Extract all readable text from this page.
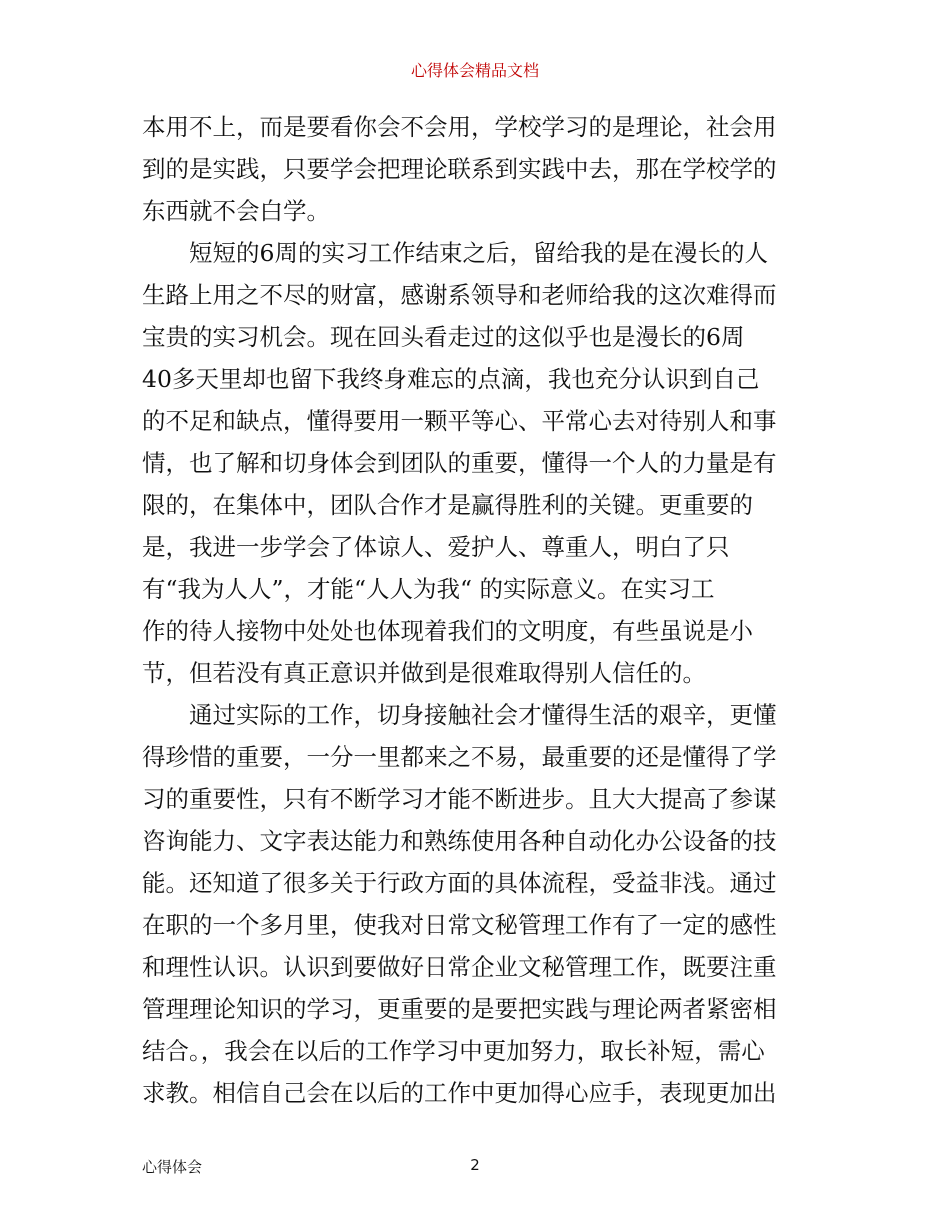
心得体会精品文档
本用不上，而是要看你会不会用，学校学习的是理论，社会用
到的是实践，只要学会把理论联系到实践中去，那在学校学的
东西就不会白学。
短短的6周的实习工作结束之后，留给我的是在漫长的人
生路上用之不尽的财富，感谢系领导和老师给我的这次难得而
宝贵的实习机会。现在回头看走过的这似乎也是漫长的6周
40多天里却也留下我终身难忘的点滴，我也充分认识到自己
的不足和缺点，懂得要用一颗平等心、平常心去对待别人和事
情，也了解和切身体会到团队的重要，懂得一个人的力量是有
限的，在集体中，团队合作才是赢得胜利的关键。更重要的
是，我进一步学会了体谅人、爱护人、尊重人，明白了只
有“我为人人”，才能“人人为我“ 的实际意义。在实习工
作的待人接物中处处也体现着我们的文明度，有些虽说是小
节，但若没有真正意识并做到是很难取得别人信任的。
通过实际的工作，切身接触社会才懂得生活的艰辛，更懂
得珍惜的重要，一分一里都来之不易，最重要的还是懂得了学
习的重要性，只有不断学习才能不断进步。且大大提高了参谋
咨询能力、文字表达能力和熟练使用各种自动化办公设备的技
能。还知道了很多关于行政方面的具体流程，受益非浅。通过
在职的一个多月里，使我对日常文秘管理工作有了一定的感性
和理性认识。认识到要做好日常企业文秘管理工作，既要注重
管理理论知识的学习，更重要的是要把实践与理论两者紧密相
结合。，我会在以后的工作学习中更加努力，取长补短，需心
求教。相信自己会在以后的工作中更加得心应手，表现更加出
心得体会	2
